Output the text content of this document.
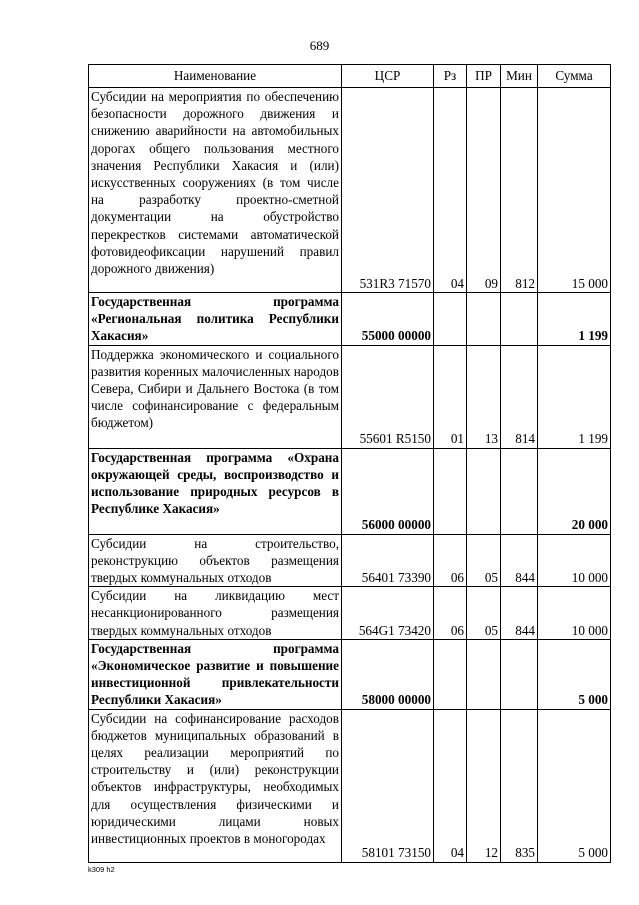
689
Наименование	ЦСР	Рз	ПР	Мин	Сумма
Субсидии на мероприятия по обеспечению безопасности дорожного движения и снижению аварийности на автомобильных дорогах общего пользования местного значения Республики Хакасия и (или) искусственных сооружениях (в том числе на разработку проектно-сметной документации на обустройство перекрестков системами автоматической фотовидеофиксации нарушений правил дорожного движения)	531R3 71570	04	09	812	15 000
Государственная программа «Региональная политика Республики Хакасия»	55000 00000				1 199
Поддержка экономического и социального развития коренных малочисленных народов Севера, Сибири и Дальнего Востока (в том числе софинансирование с федеральным бюджетом)	55601 R5150	01	13	814	1 199
Государственная программа «Охрана окружающей среды, воспроизводство и использование природных ресурсов в Республике Хакасия»	56000 00000				20 000
Субсидии на строительство, реконструкцию объектов размещения твердых коммунальных отходов	56401 73390	06	05	844	10 000
Субсидии на ликвидацию мест несанкционированного размещения твердых коммунальных отходов	564G1 73420	06	05	844	10 000
Государственная программа «Экономическое развитие и повышение инвестиционной привлекательности Республики Хакасия»	58000 00000				5 000
Субсидии на софинансирование расходов бюджетов муниципальных образований в целях реализации мероприятий по строительству и (или) реконструкции объектов инфраструктуры, необходимых для осуществления физическими и юридическими лицами новых инвестиционных проектов в моногородах	58101 73150	04	12	835	5 000
k309 h2
